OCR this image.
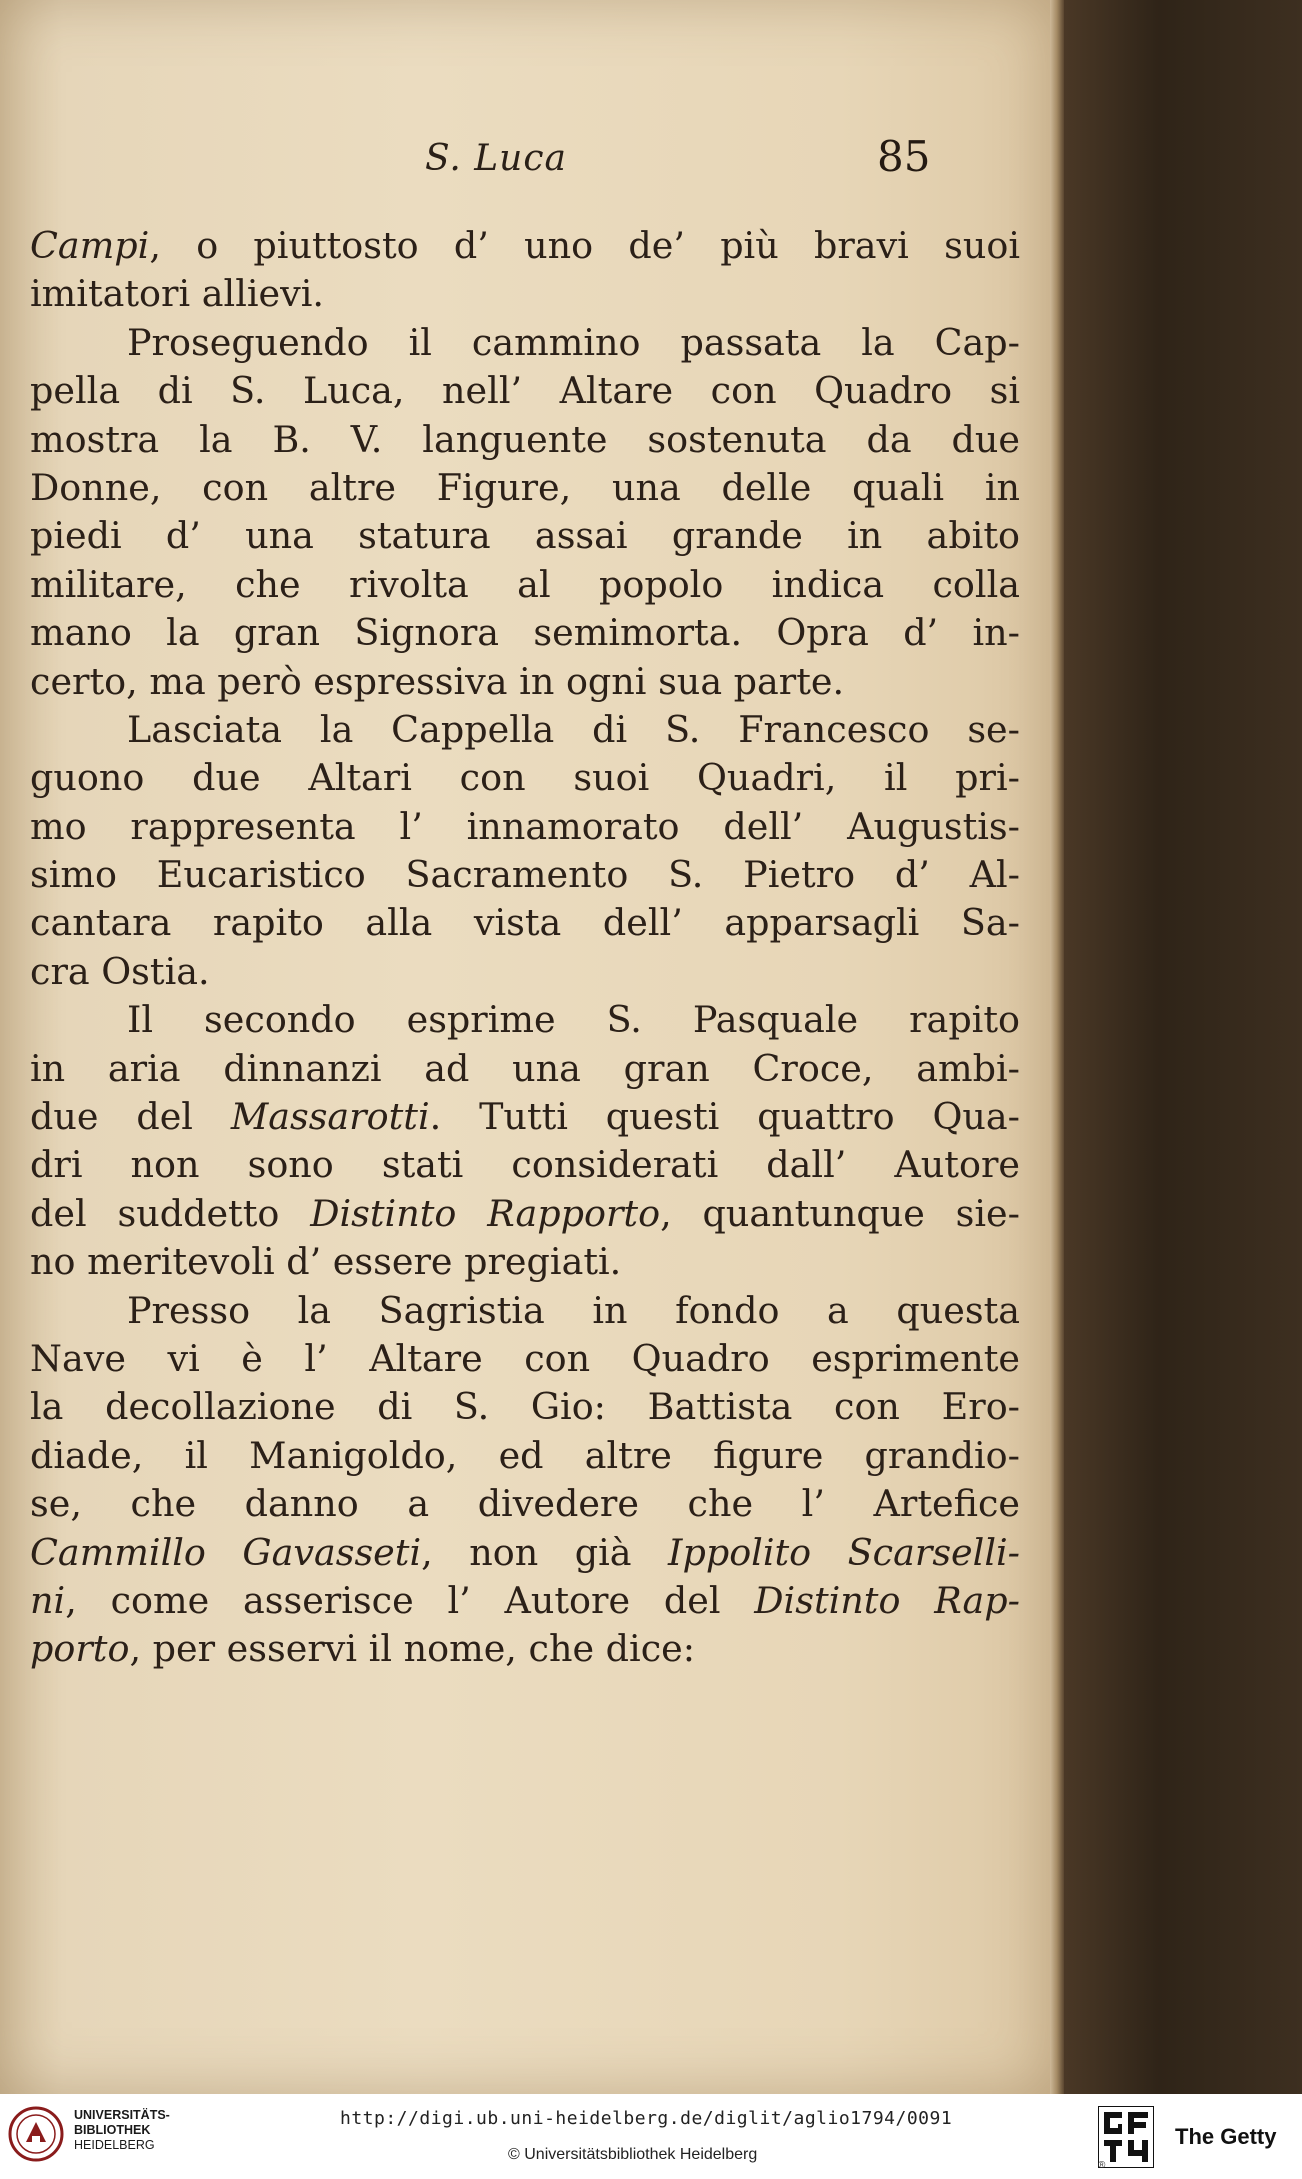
S. Luca	85
Campi, o piuttosto d’ uno de’ più bravi suoi
imitatori allievi.
Proseguendo il cammino passata la Cap-
pella di S. Luca, nell’ Altare con Quadro si
mostra la B. V. languente sostenuta da due
Donne, con altre Figure, una delle quali in
piedi d’ una statura assai grande in abito
militare, che rivolta al popolo indica colla
mano la gran Signora semimorta. Opra d’ in-
certo, ma però espressiva in ogni sua parte.
Lasciata la Cappella di S. Francesco se-
guono due Altari con suoi Quadri, il pri-
mo rappresenta l’ innamorato dell’ Augustis-
simo Eucaristico Sacramento S. Pietro d’ Al-
cantara rapito alla vista dell’ apparsagli Sa-
cra Ostia.
Il secondo esprime S. Pasquale rapito
in aria dinnanzi ad una gran Croce, ambi-
due del Massarotti. Tutti questi quattro Qua-
dri non sono stati considerati dall’ Autore
del suddetto Distinto Rapporto, quantunque sie-
no meritevoli d’ essere pregiati.
Presso la Sagristia in fondo a questa
Nave vi è l’ Altare con Quadro esprimente
la decollazione di S. Gio: Battista con Ero-
diade, il Manigoldo, ed altre figure grandio-
se, che danno a divedere che l’ Artefice
Cammillo Gavasseti, non già Ippolito Scarselli-
ni, come asserisce l’ Autore del Distinto Rap-
porto, per esservi il nome, che dice:
UNIVERSITÄTS-
BIBLIOTHEK
HEIDELBERG
http://digi.ub.uni-heidelberg.de/diglit/aglio1794/0091
© Universitätsbibliothek Heidelberg
The Getty
®
